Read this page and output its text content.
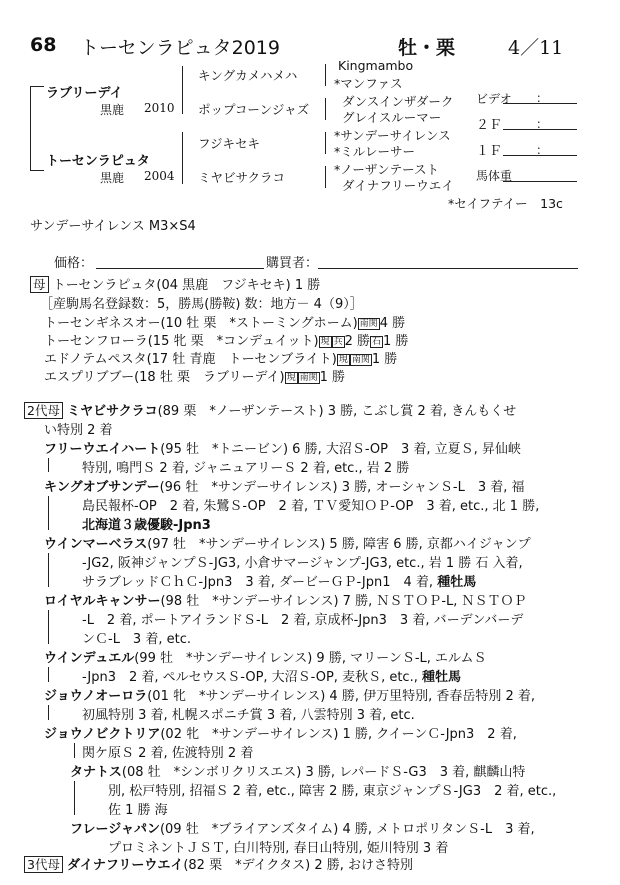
68 トーセンラピュタ2019	牡・栗	4／11
ラブリーデイ
黒鹿 2010
トーセンラピュタ
黒鹿 2004
キングカメハメハ
ポップコーンジャズ
フジキセキ
ミヤビサクラコ
Kingmambo
*マンファス
ダンスインザダーク
グレイスルーマー
*サンデーサイレンス
*ミルレーサー
*ノーザンテースト
ダイナフリーウエイ
*セイフテイー　13c
ビデオ ：
２Ｆ	：
１Ｆ	：
馬体重
サンデーサイレンス M3×S4
価格：	購買者：
母 トーセンラピュタ(04 黒鹿　フジキセキ) 1 勝
［産駒馬名登録数：5，勝馬(勝鞍) 数：地方－ 4（9）］
トーセンギネスオー(10 牡 栗　*ストーミングホーム) 南関 4 勝
トーセンフローラ(15 牝 栗　*コンデュイット) 現 兵 2 勝 石 1 勝
エドノテムペスタ(17 牡 青鹿　トーセンブライト) 現 南関 1 勝
エスプリブブー(18 牡 栗　ラブリーデイ) 現 南関 1 勝
2代母 ミヤビサクラコ(89 栗　*ノーザンテースト) 3 勝, こぶし賞 2 着, きんもくせ
い特別 2 着
フリーウエイハート(95 牡　*トニービン) 6 勝, 大沼Ｓ-OP　3 着, 立夏Ｓ, 昇仙峡
特別, 鳴門Ｓ 2 着, ジャニュアリーＳ 2 着, etc., 岩 2 勝
キングオブサンデー(96 牡　*サンデーサイレンス) 3 勝, オーシャンＳ-L　3 着, 福
島民報杯-OP　2 着, 朱鷺Ｓ-OP　2 着, ＴＶ愛知ＯＰ-OP　3 着, etc., 北 1 勝,
北海道３歳優駿-Jpn3
ウインマーベラス(97 牡　*サンデーサイレンス) 5 勝, 障害 6 勝, 京都ハイジャンプ
-JG2, 阪神ジャンプＳ-JG3, 小倉サマージャンプ-JG3, etc., 岩 1 勝 石 入着,
サラブレッドＣｈＣ-Jpn3　3 着, ダービーＧＰ-Jpn1　4 着, 種牡馬
ロイヤルキャンサー(98 牡　*サンデーサイレンス) 7 勝, ＮＳＴＯＰ-L, ＮＳＴＯＰ
-L　2 着, ポートアイランドＳ-L　2 着, 京成杯-Jpn3　3 着, バーデンバーデ
ンＣ-L　3 着, etc.
ウインデュエル(99 牡　*サンデーサイレンス) 9 勝, マリーンＳ-L, エルムＳ
-Jpn3　2 着, ペルセウスＳ-OP, 大沼Ｓ-OP, 麦秋Ｓ, etc., 種牡馬
ジョウノオーロラ(01 牝　*サンデーサイレンス) 4 勝, 伊万里特別, 香春岳特別 2 着,
初風特別 3 着, 札幌スポニチ賞 3 着, 八雲特別 3 着, etc.
ジョウノビクトリア(02 牝　*サンデーサイレンス) 1 勝, クイーンＣ-Jpn3　2 着,
関ケ原Ｓ 2 着, 佐渡特別 2 着
タナトス(08 牡　*シンボリクリスエス) 3 勝, レパードＳ-G3　3 着, 麒麟山特
別, 松戸特別, 招福Ｓ 2 着, etc., 障害 2 勝, 東京ジャンプＳ-JG3　2 着, etc.,
佐 1 勝 海
フレージャパン(09 牡　*ブライアンズタイム) 4 勝, メトロポリタンＳ-L　3 着,
プロミネントＪＳＴ, 白川特別, 春日山特別, 姫川特別 3 着
3代母 ダイナフリーウエイ(82 栗　*デイクタス) 2 勝, おけさ特別
